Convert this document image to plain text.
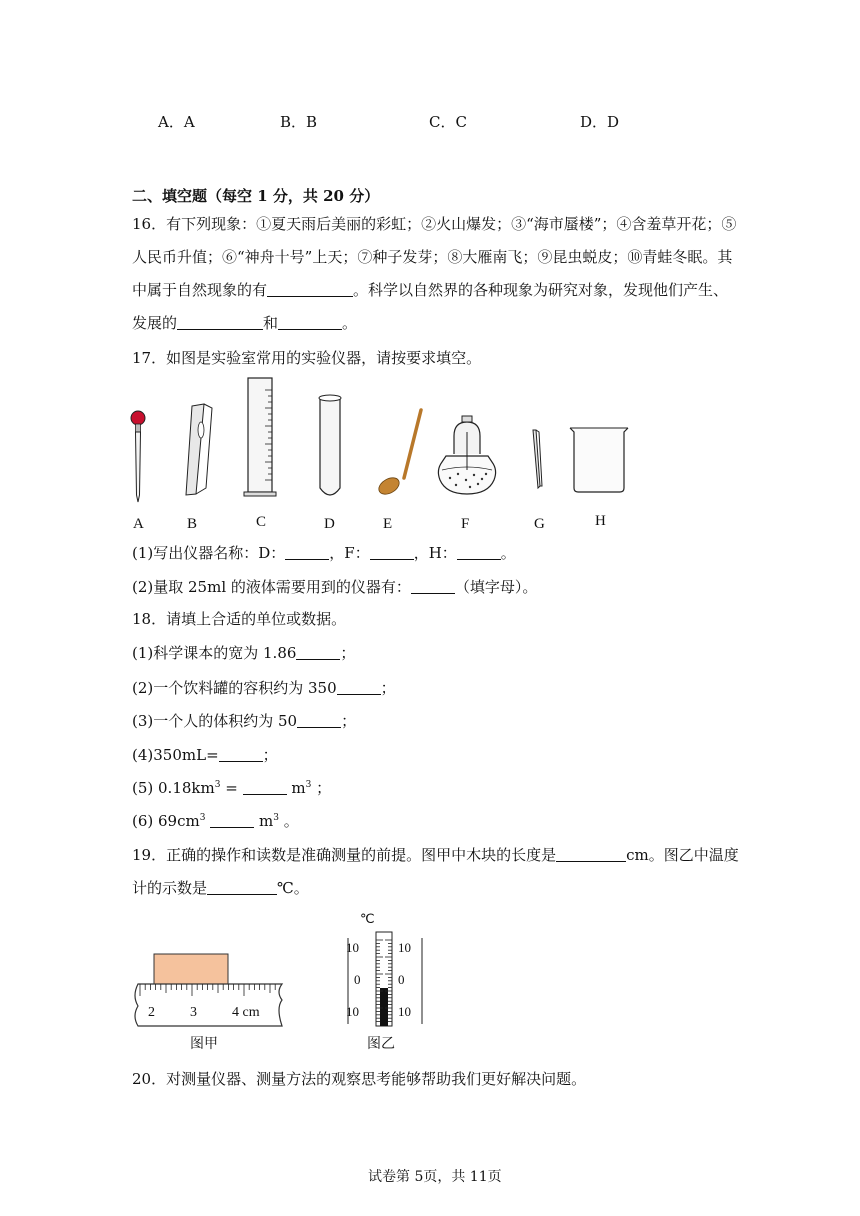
A．A	B．B	C．C	D．D
二、填空题（每空 1 分，共 20 分）
16．有下列现象：①夏天雨后美丽的彩虹；②火山爆发；③“海市蜃楼”；④含羞草开花；⑤
人民币升值；⑥“神舟十号”上天；⑦种子发芽；⑧大雁南飞；⑨昆虫蜕皮；⑩青蛙冬眠。其
中属于自然现象的有	。科学以自然界的各种现象为研究对象，发现他们产生、
发展的	和	。
17．如图是实验室常用的实验仪器，请按要求填空。
A	B	C	D	E	F	G	H
(1)写出仪器名称：D：	，F：	，H：	。
(2)量取 25ml 的液体需要用到的仪器有：	（填字母）。
18．请填上合适的单位或数据。
(1)科学课本的宽为 1.86	；
(2)一个饮料罐的容积约为 350	；
(3)一个人的体积约为 50	；
(4)350mL=	；
(5) $0.18km^3$ =	$m^3$ ；
(6) $69cm^3$	$m^3$ 。
19．正确的操作和读数是准确测量的前提。图甲中木块的长度是	cm。图乙中温度
计的示数是	℃。
2	3	4 cm
图甲
℃
10
0
10
10
0
10
图乙
20．对测量仪器、测量方法的观察思考能够帮助我们更好解决问题。
试卷第 5页，共 11页
